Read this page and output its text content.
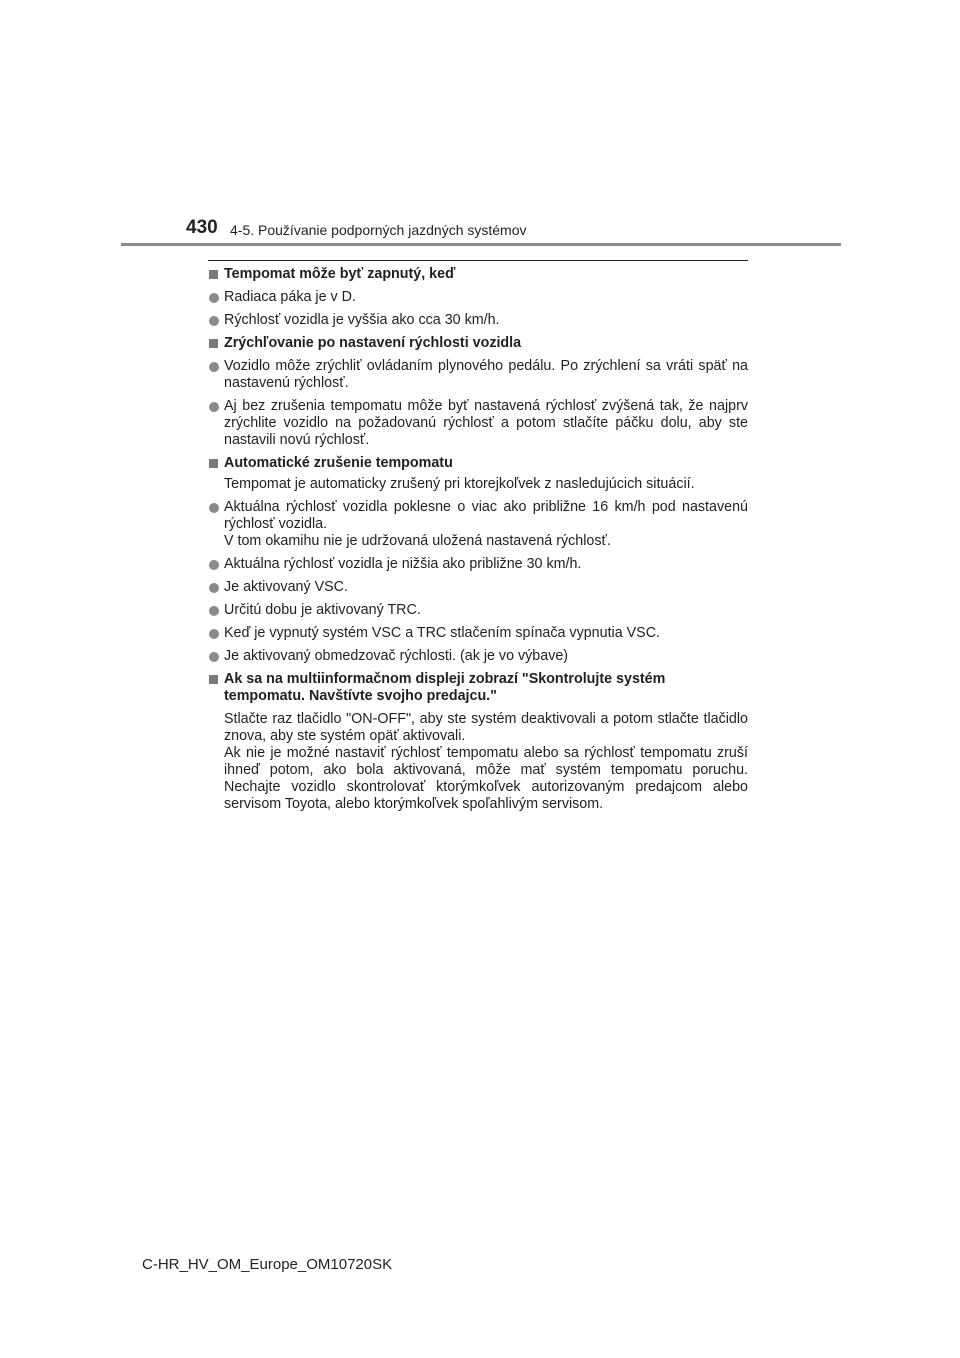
430 4-5. Používanie podporných jazdných systémov
Tempomat môže byť zapnutý, keď
Radiaca páka je v D.
Rýchlosť vozidla je vyššia ako cca 30 km/h.
Zrýchľovanie po nastavení rýchlosti vozidla
Vozidlo môže zrýchliť ovládaním plynového pedálu. Po zrýchlení sa vráti späť na nastavenú rýchlosť.
Aj bez zrušenia tempomatu môže byť nastavená rýchlosť zvýšená tak, že najprv zrýchlite vozidlo na požadovanú rýchlosť a potom stlačíte páčku dolu, aby ste nastavili novú rýchlosť.
Automatické zrušenie tempomatu
Tempomat je automaticky zrušený pri ktorejkoľvek z nasledujúcich situácií.
Aktuálna rýchlosť vozidla poklesne o viac ako približne 16 km/h pod nastavenú rýchlosť vozidla.
V tom okamihu nie je udržovaná uložená nastavená rýchlosť.
Aktuálna rýchlosť vozidla je nižšia ako približne 30 km/h.
Je aktivovaný VSC.
Určitú dobu je aktivovaný TRC.
Keď je vypnutý systém VSC a TRC stlačením spínača vypnutia VSC.
Je aktivovaný obmedzovač rýchlosti. (ak je vo výbave)
Ak sa na multiinformačnom displeji zobrazí "Skontrolujte systém tempomatu. Navštívte svojho predajcu."
Stlačte raz tlačidlo "ON-OFF", aby ste systém deaktivovali a potom stlačte tlačidlo znova, aby ste systém opäť aktivovali.
Ak nie je možné nastaviť rýchlosť tempomatu alebo sa rýchlosť tempomatu zruší ihneď potom, ako bola aktivovaná, môže mať systém tempomatu poruchu. Nechajte vozidlo skontrolovať ktorýmkoľvek autorizovaným predajcom alebo servisom Toyota, alebo ktorýmkoľvek spoľahlivým servisom.
C-HR_HV_OM_Europe_OM10720SK
